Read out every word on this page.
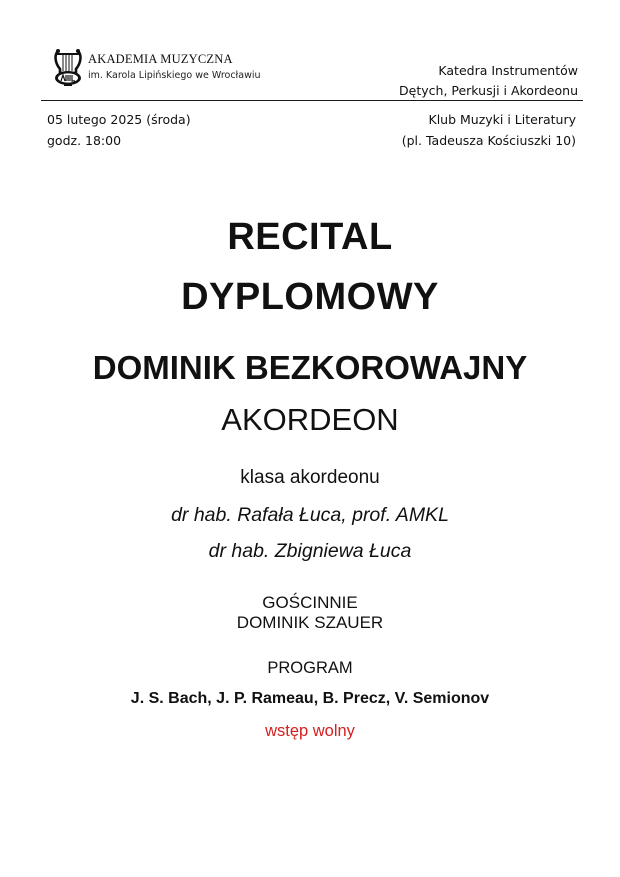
AKADEMIA MUZYCZNA
im. Karola Lipińskiego we Wrocławiu	Katedra Instrumentów
Dętych, Perkusji i Akordeonu
05 lutego 2025 (środa)
godz. 18:00
Klub Muzyki i Literatury
(pl. Tadeusza Kościuszki 10)
RECITAL
DYPLOMOWY
DOMINIK BEZKOROWAJNY
AKORDEON
klasa akordeonu
dr hab. Rafała Łuca, prof. AMKL
dr hab. Zbigniewa Łuca
GOŚCINNIE
DOMINIK SZAUER
PROGRAM
J. S. Bach, J. P. Rameau, B. Precz, V. Semionov
wstęp wolny
